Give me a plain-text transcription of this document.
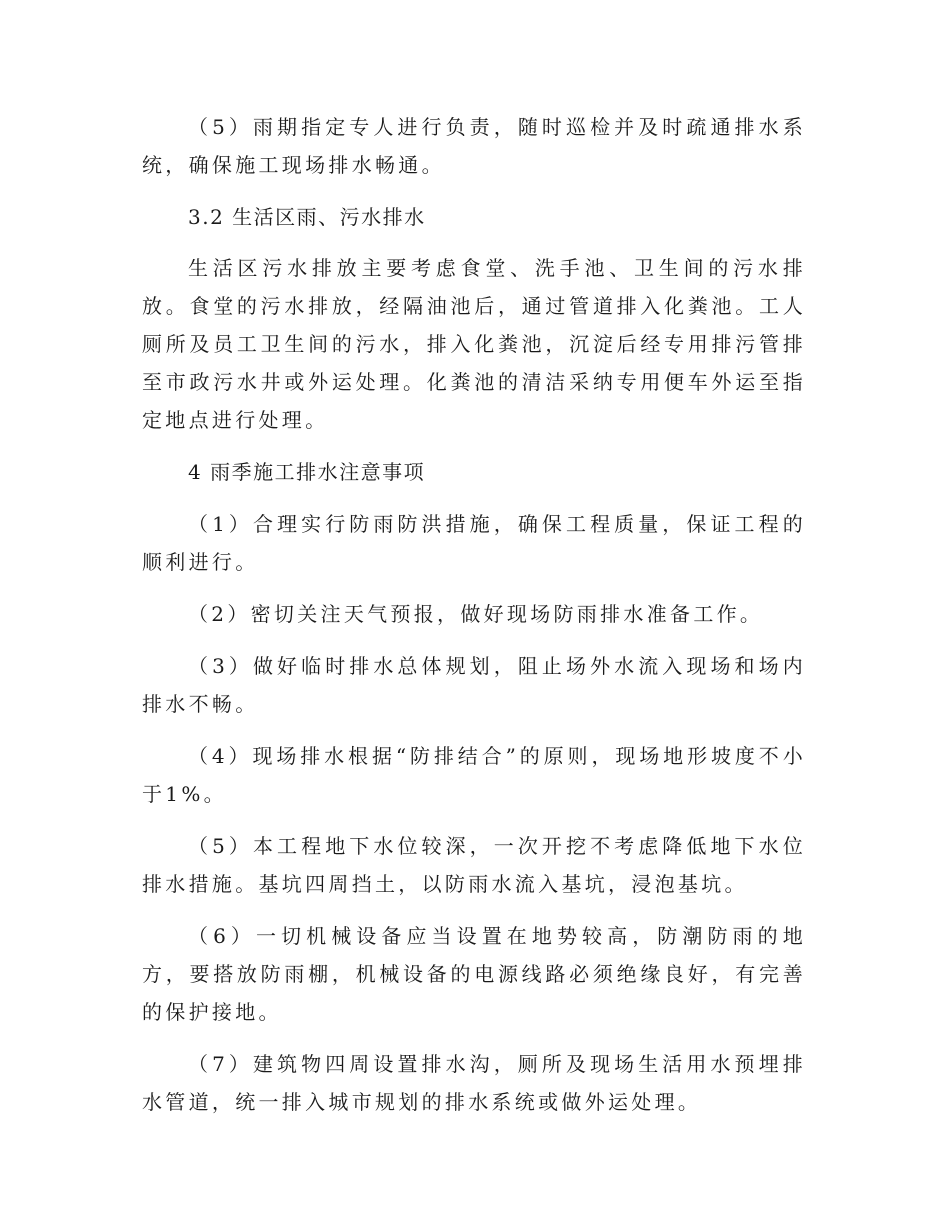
（5）雨期指定专人进行负责，随时巡检并及时疏通排水系统，确保施工现场排水畅通。

3.2 生活区雨、污水排水

生活区污水排放主要考虑食堂、洗手池、卫生间的污水排放。食堂的污水排放，经隔油池后，通过管道排入化粪池。工人厕所及员工卫生间的污水，排入化粪池，沉淀后经专用排污管排至市政污水井或外运处理。化粪池的清洁采纳专用便车外运至指定地点进行处理。

4 雨季施工排水注意事项

（1）合理实行防雨防洪措施，确保工程质量，保证工程的顺利进行。

（2）密切关注天气预报，做好现场防雨排水准备工作。

（3）做好临时排水总体规划，阻止场外水流入现场和场内排水不畅。

（4）现场排水根据“防排结合”的原则，现场地形坡度不小于1%。

（5）本工程地下水位较深，一次开挖不考虑降低地下水位排水措施。基坑四周挡土，以防雨水流入基坑，浸泡基坑。

（6）一切机械设备应当设置在地势较高，防潮防雨的地方，要搭放防雨棚，机械设备的电源线路必须绝缘良好，有完善的保护接地。

（7）建筑物四周设置排水沟，厕所及现场生活用水预埋排水管道，统一排入城市规划的排水系统或做外运处理。
